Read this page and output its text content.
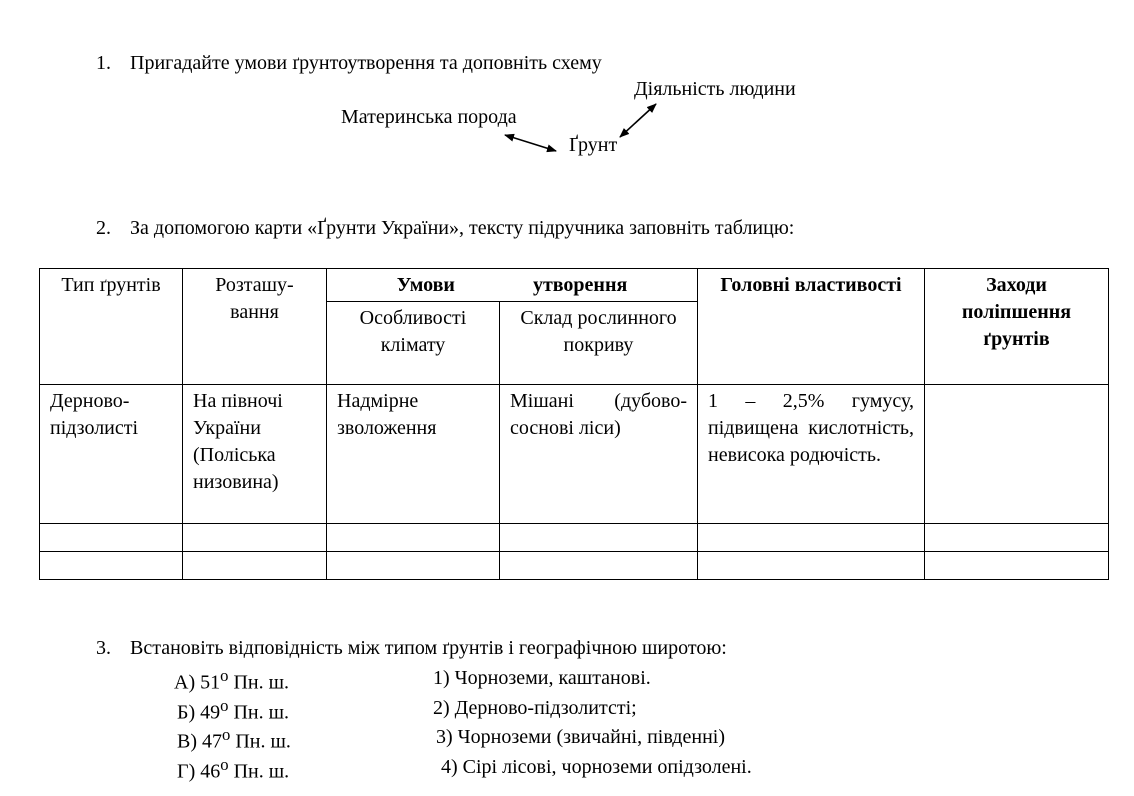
1. Пригадайте умови ґрунтоутворення та доповніть схему
Материнська порода
Діяльність людини
Ґрунт
2. За допомогою карти «Ґрунти України», тексту підручника заповніть таблицю:
Тип ґрунтів	Розташу-вання	Умови утворення		Головні властивості	Заходи поліпшення ґрунтів
		Особливості клімату	Склад рослинного покриву		
Дерново-підзолисті	На півночі України (Поліська низовина)	Надмірне зволоження	Мішані (дубово-соснові ліси)	1 – 2,5% гумусу, підвищена кислотність, невисока родючість.	

3. Встановіть відповідність між типом ґрунтів і географічною широтою:
А) $51^о$ Пн. ш.
Б) $49^о$ Пн. ш.
В) $47^о$ Пн. ш.
Г) $46^о$ Пн. ш.
1) Чорноземи, каштанові.
2) Дерново-підзолитсті;
3) Чорноземи (звичайні, південні)
4) Сірі лісові, чорноземи опідзолені.
